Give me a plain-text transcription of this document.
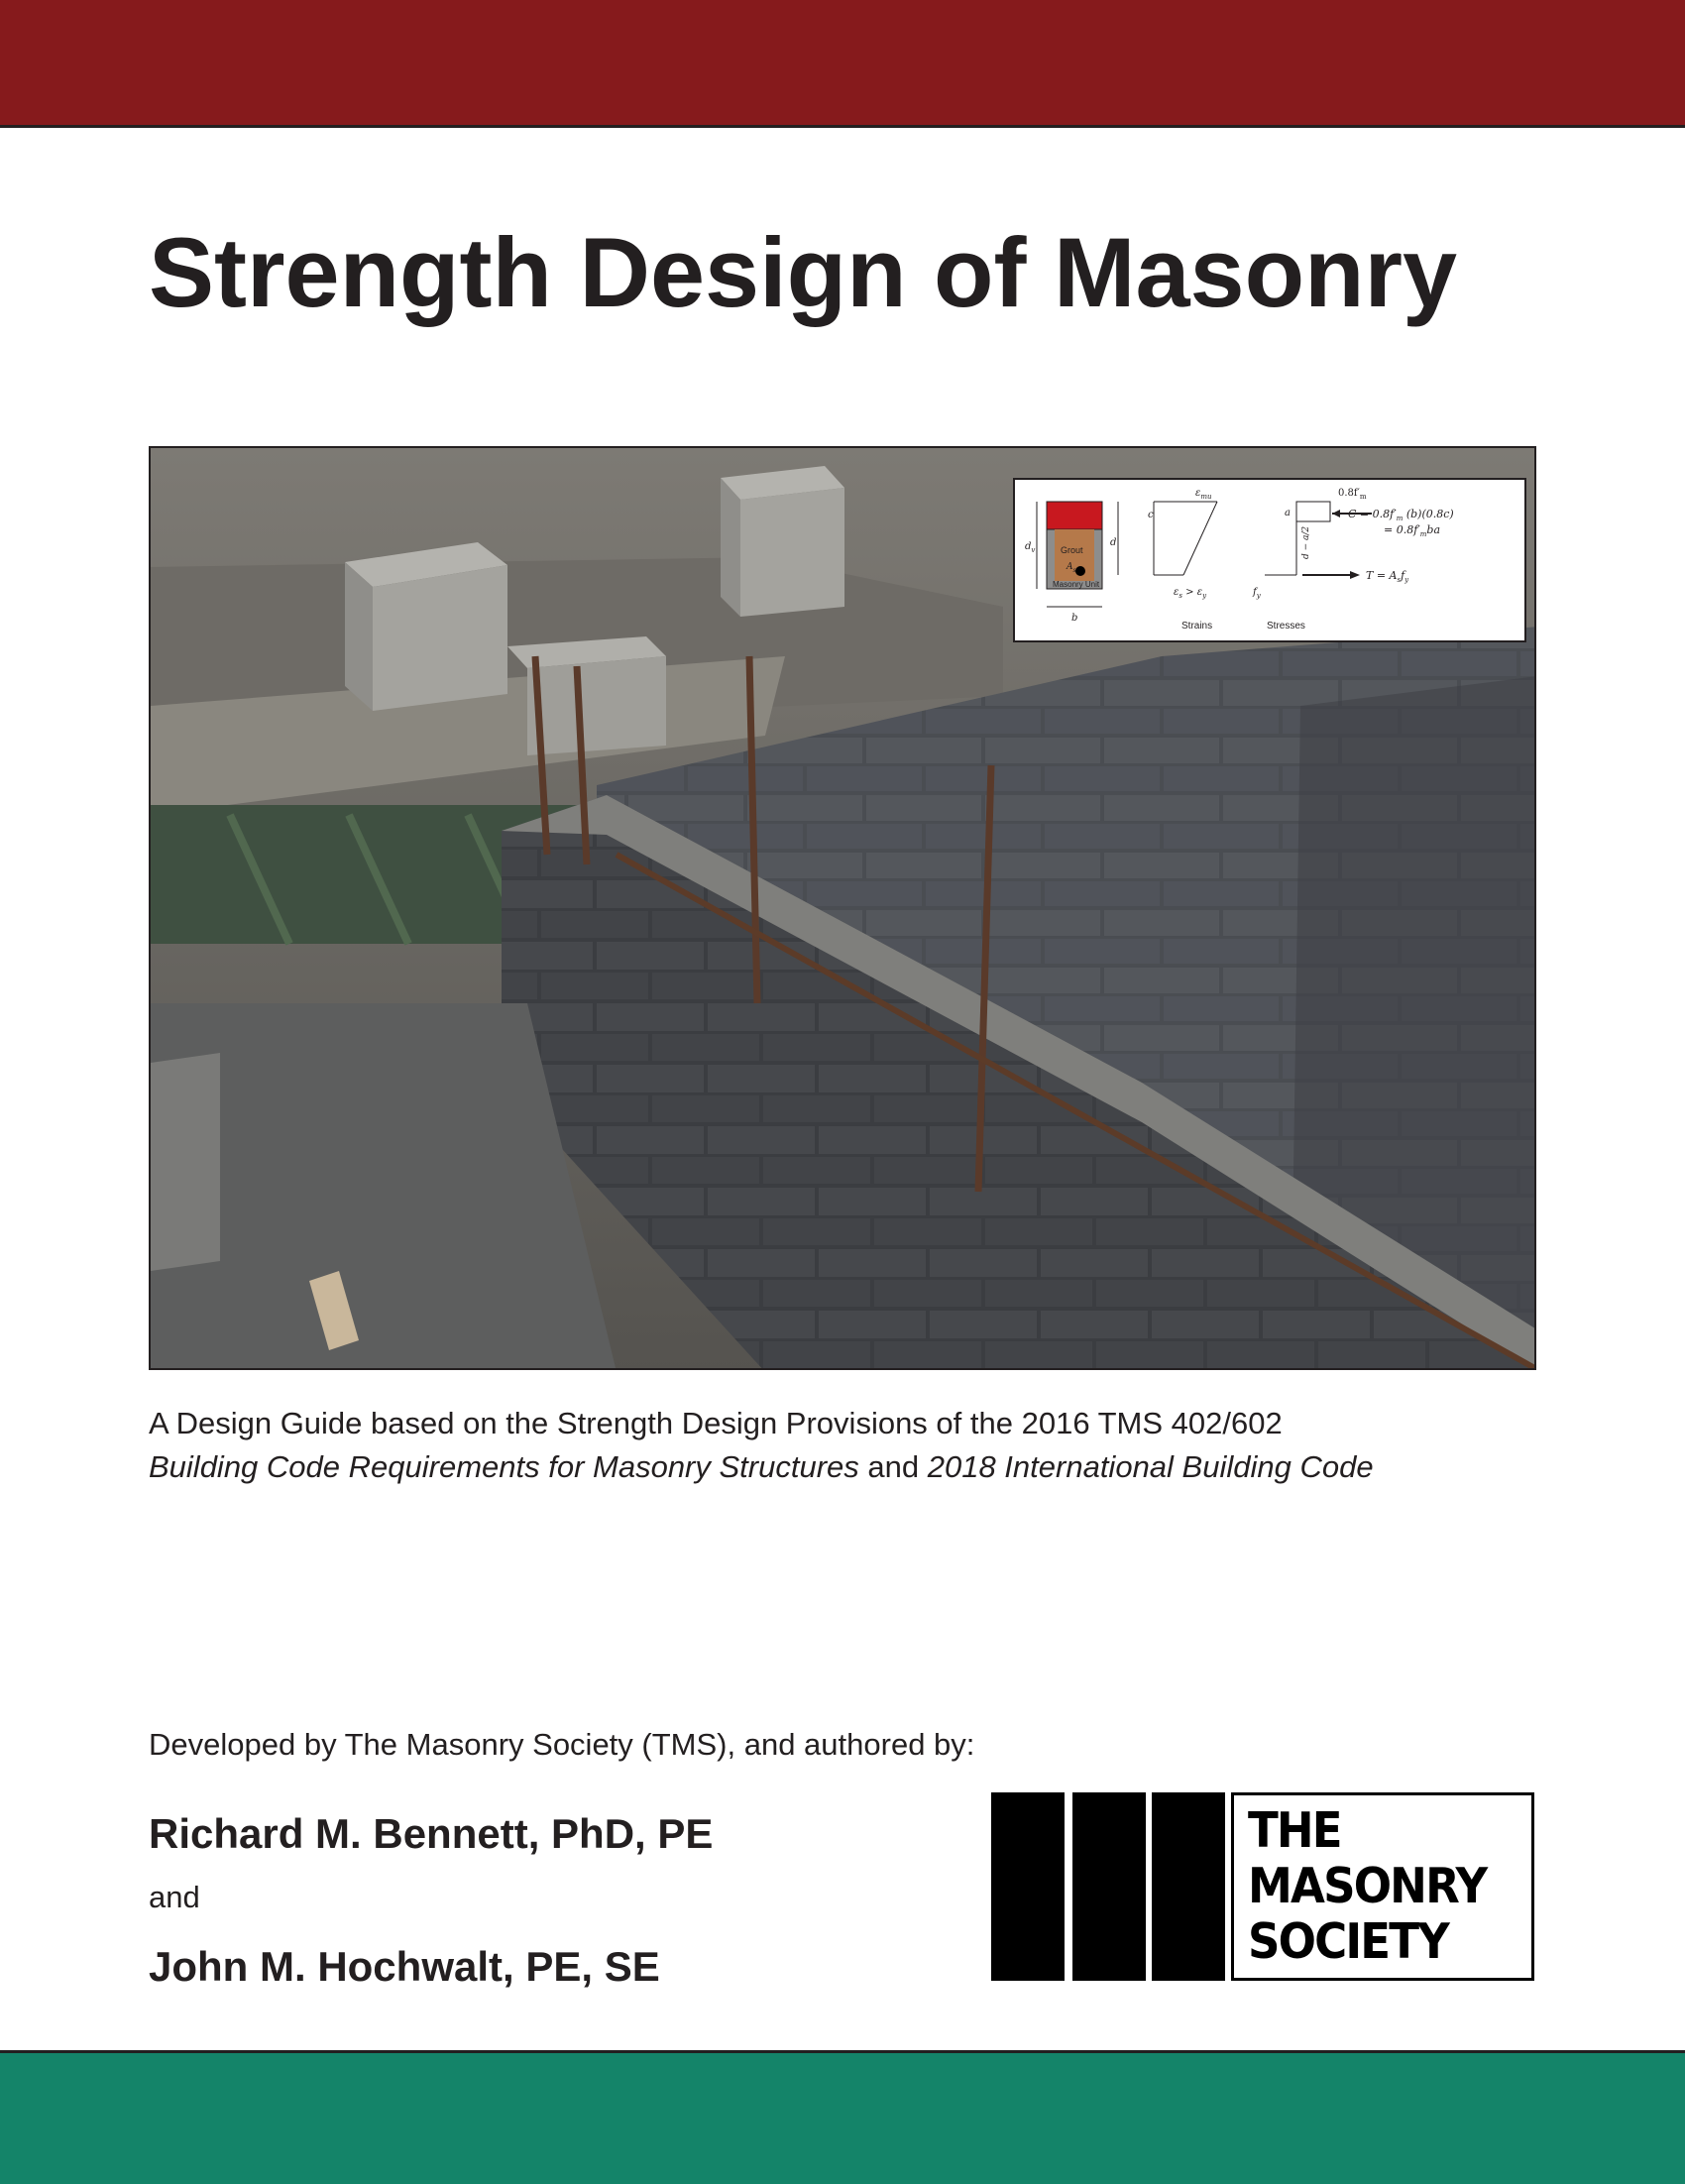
Strength Design of Masonry
Grout
$A_s$
Masonry Unit
$d_v$
b
d
c
$\varepsilon_{mu}$
$\varepsilon_s > \varepsilon_y$
Strains
$f_y$
a
d − a/2
Stresses
$0.8f'_m$
$C = 0.8f'_m$ (b)(0.8c)
= $0.8f'_mba$
$T = A_sf_y$
A Design Guide based on the Strength Design Provisions of the 2016 TMS 402/602
Building Code Requirements for Masonry Structures and 2018 International Building Code
Developed by The Masonry Society (TMS), and authored by:
Richard M. Bennett, PhD, PE
and
John M. Hochwalt, PE, SE
THE
MASONRY
SOCIETY
